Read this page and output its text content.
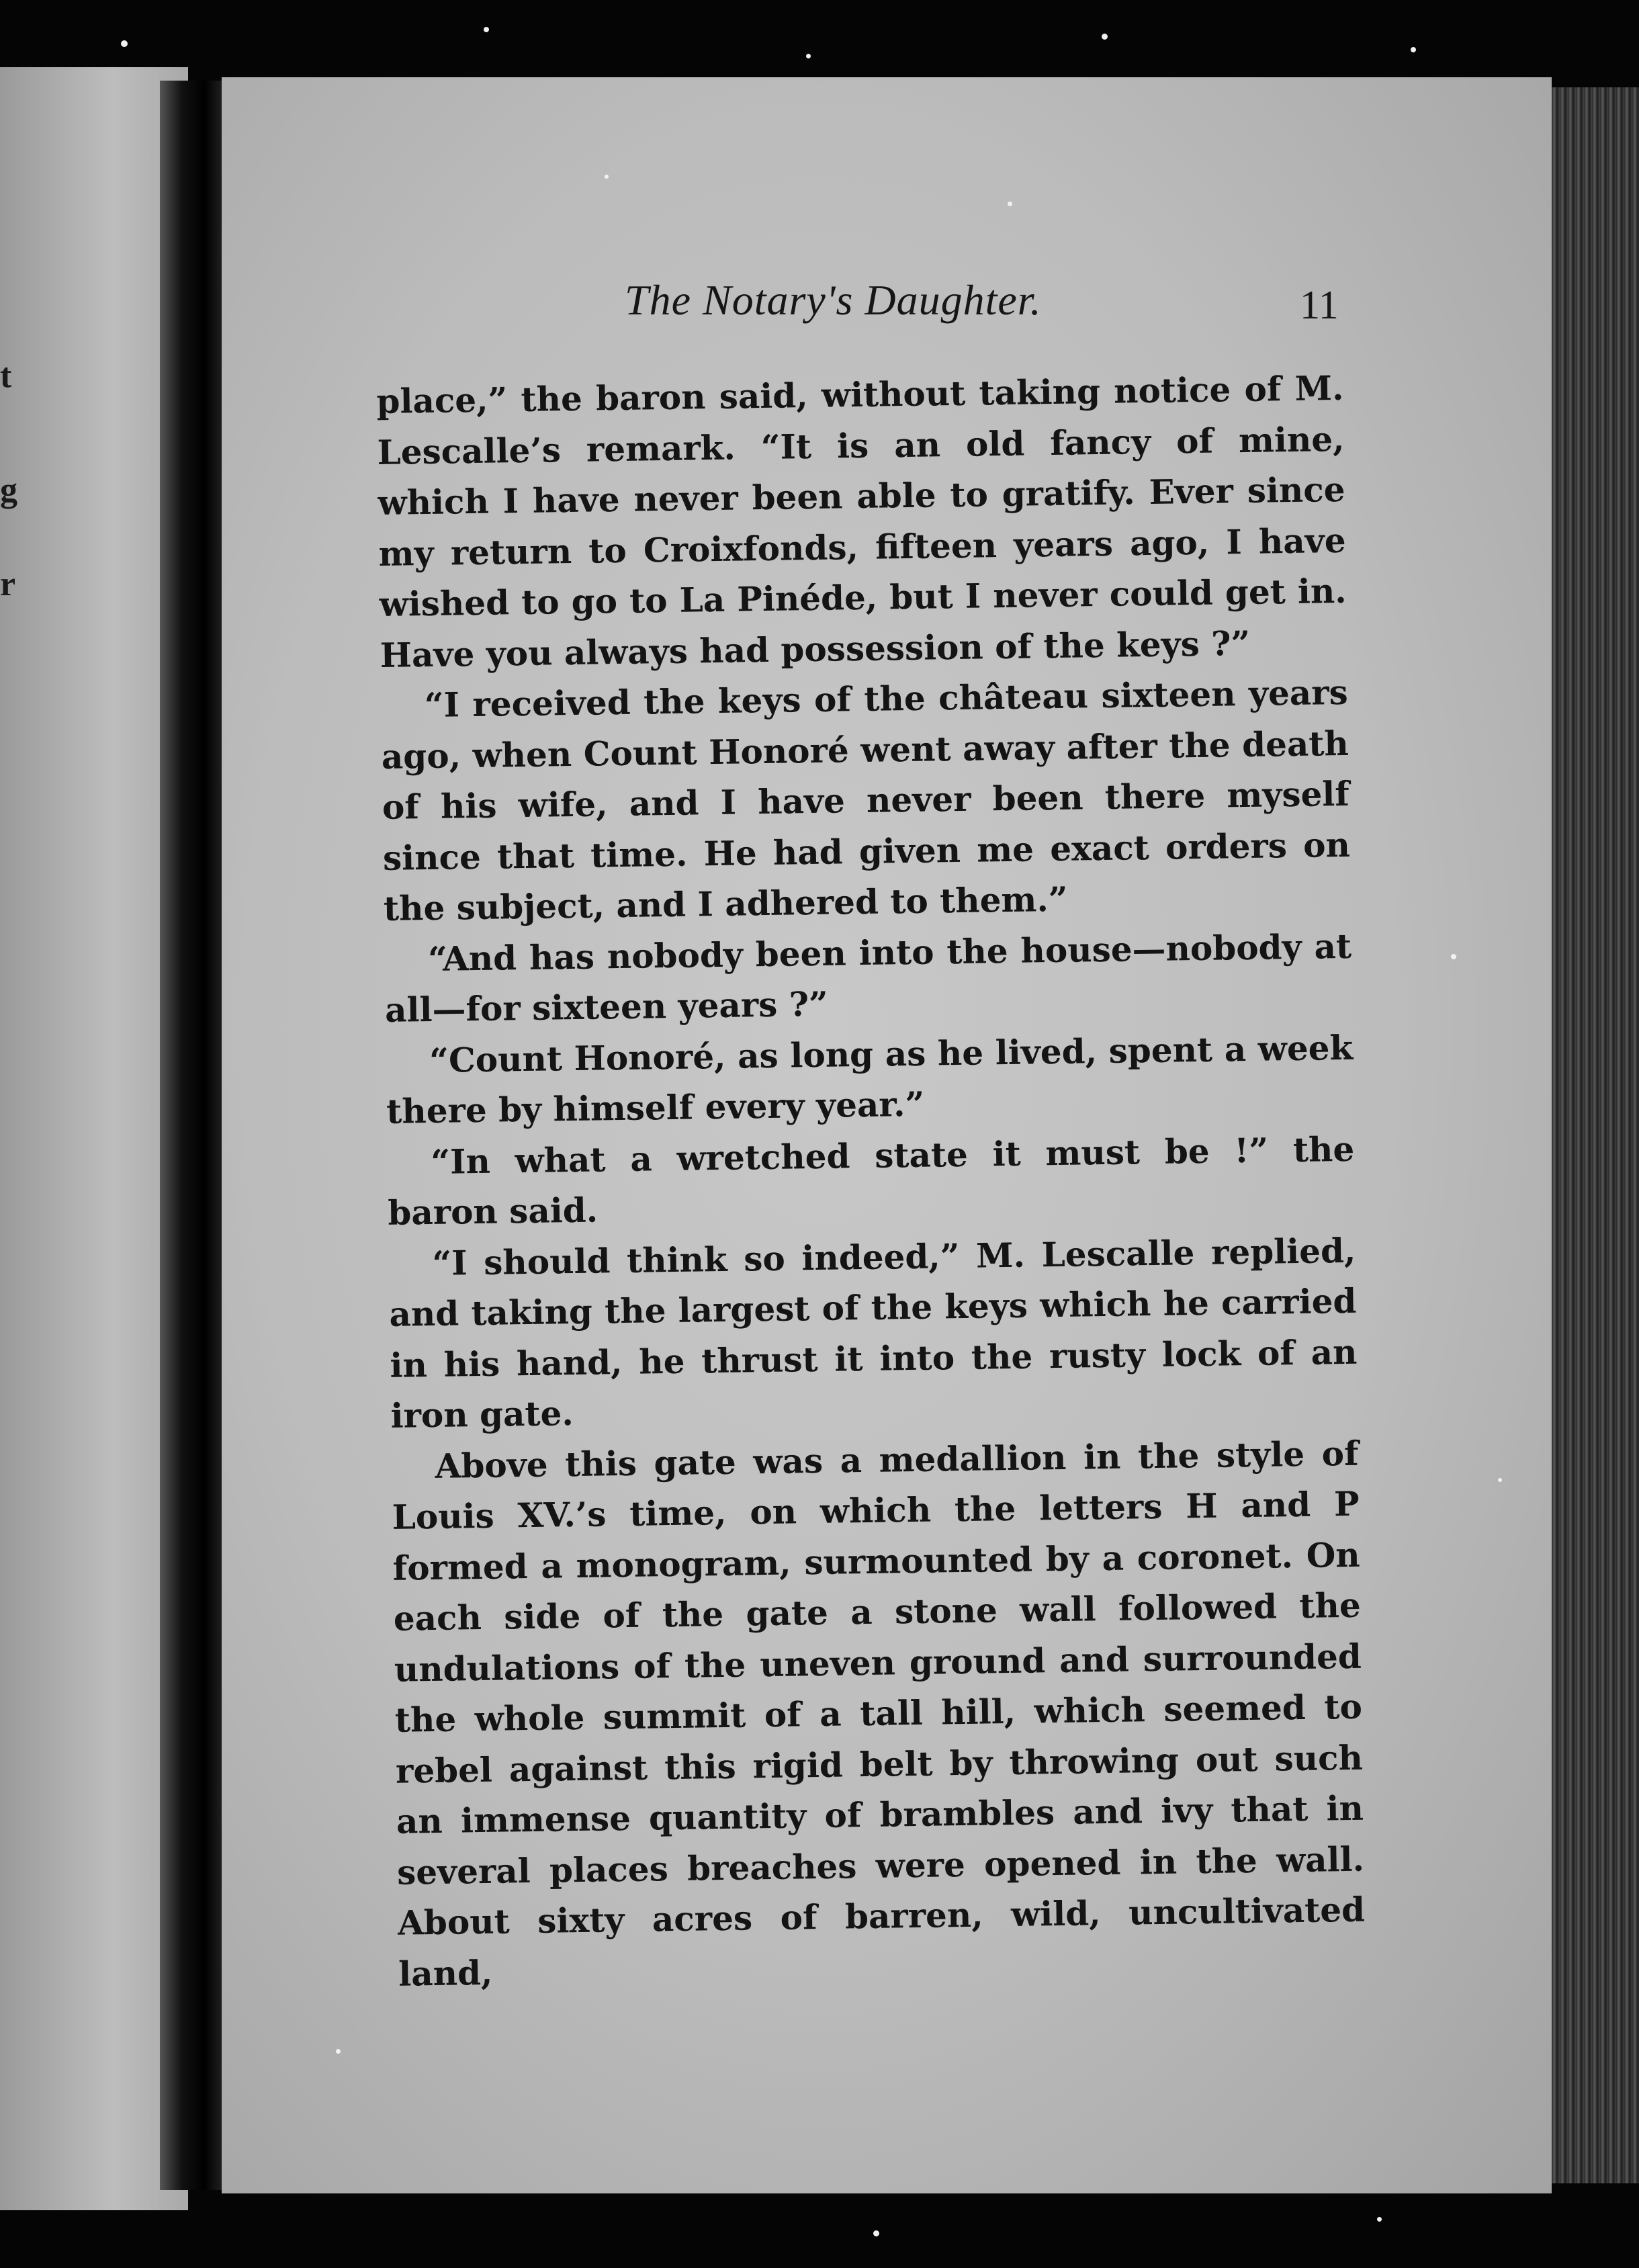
t
g
r
The Notary's Daughter.	11

place,” the baron said, without taking notice of M. Lescalle’s remark. “It is an old fancy of mine, which I have never been able to gratify. Ever since my return to Croixfonds, fifteen years ago, I have wished to go to La Pinéde, but I never could get in. Have you always had possession of the keys ?”

“I received the keys of the château sixteen years ago, when Count Honoré went away after the death of his wife, and I have never been there myself since that time. He had given me exact orders on the subject, and I adhered to them.”

“And has nobody been into the house—nobody at all—for sixteen years ?”

“Count Honoré, as long as he lived, spent a week there by himself every year.”

“In what a wretched state it must be !” the baron said.

“I should think so indeed,” M. Lescalle replied, and taking the largest of the keys which he carried in his hand, he thrust it into the rusty lock of an iron gate.

Above this gate was a medallion in the style of Louis XV.’s time, on which the letters H and P formed a monogram, surmounted by a coronet. On each side of the gate a stone wall followed the undulations of the uneven ground and surrounded the whole summit of a tall hill, which seemed to rebel against this rigid belt by throwing out such an immense quantity of brambles and ivy that in several places breaches were opened in the wall. About sixty acres of barren, wild, uncultivated land,
